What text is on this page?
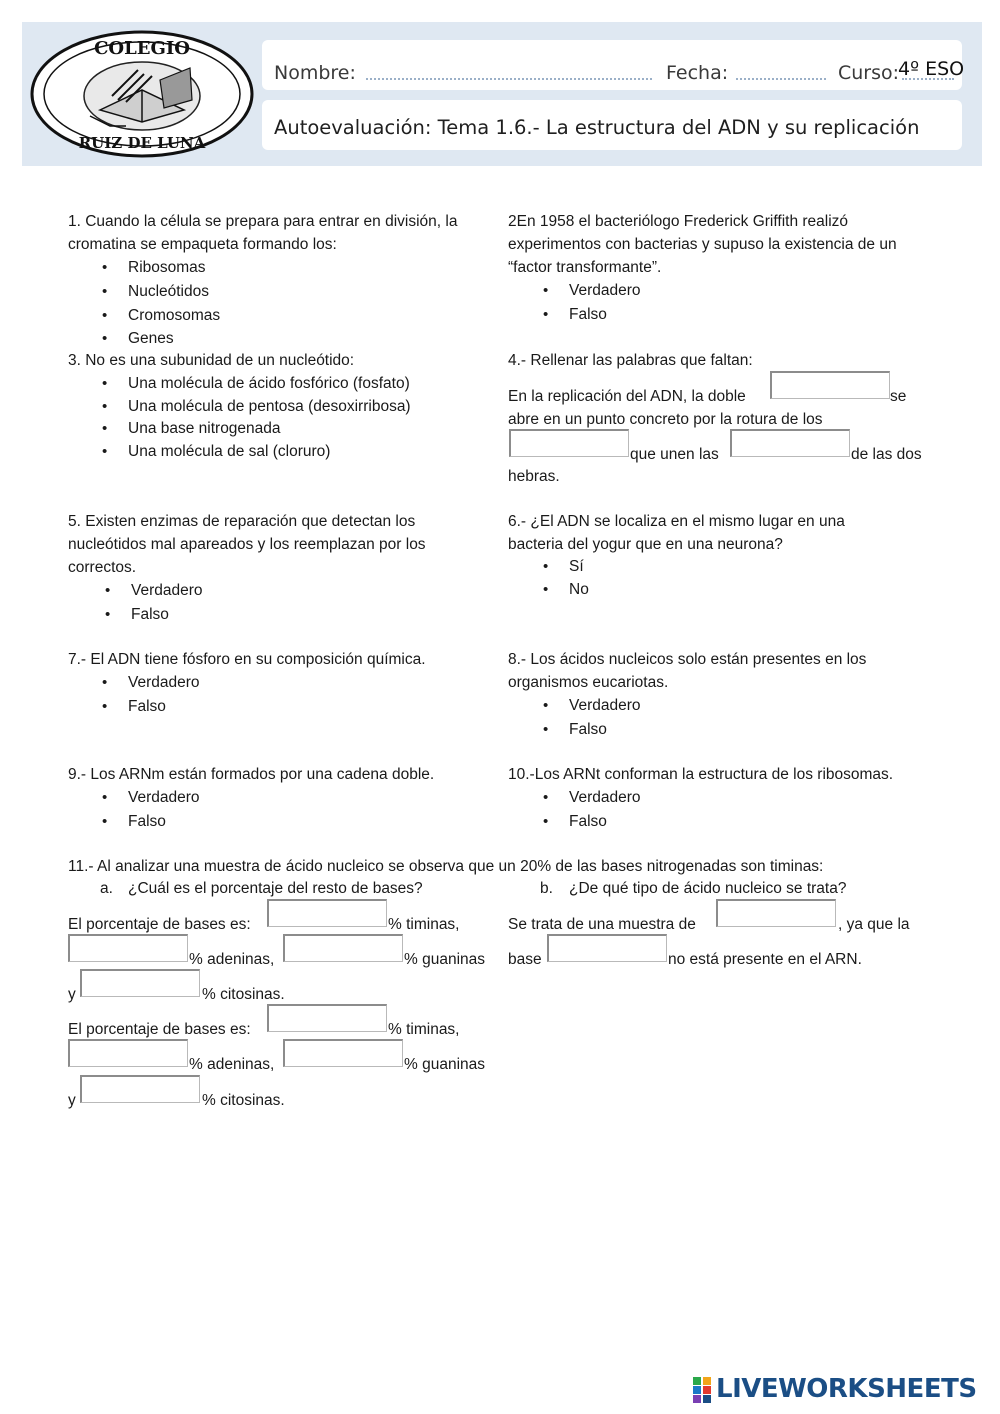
COLEGIO
RUIZ DE LUNA
Nombre:	Fecha:	Curso:
4º ESO
Autoevaluación: Tema 1.6.- La estructura del ADN y su replicación
1. Cuando la célula se prepara para entrar en división, la
cromatina se empaqueta formando los:
• Ribosomas
• Nucleótidos
• Cromosomas
• Genes
2En 1958 el bacteriólogo Frederick Griffith realizó
experimentos con bacterias y supuso la existencia de un
“factor transformante”.
• Verdadero
• Falso
3. No es una subunidad de un nucleótido:
• Una molécula de ácido fosfórico (fosfato)
• Una molécula de pentosa (desoxirribosa)
• Una base nitrogenada
• Una molécula de sal (cloruro)
4.- Rellenar las palabras que faltan:
En la replicación del ADN, la doble	se
abre en un punto concreto por la rotura de los
que unen las	de las dos
hebras.
5. Existen enzimas de reparación que detectan los
nucleótidos mal apareados y los reemplazan por los
correctos.
• Verdadero
• Falso
6.- ¿El ADN se localiza en el mismo lugar en una
bacteria del yogur que en una neurona?
• Sí
• No
7.- El ADN tiene fósforo en su composición química.
• Verdadero
• Falso
8.- Los ácidos nucleicos solo están presentes en los
organismos eucariotas.
• Verdadero
• Falso
9.- Los ARNm están formados por una cadena doble.
• Verdadero
• Falso
10.-Los ARNt conforman la estructura de los ribosomas.
• Verdadero
• Falso
11.- Al analizar una muestra de ácido nucleico se observa que un 20% de las bases nitrogenadas son timinas:
a. ¿Cuál es el porcentaje del resto de bases?	b. ¿De qué tipo de ácido nucleico se trata?
El porcentaje de bases es:	% timinas,
% adeninas,	% guaninas
y	% citosinas.
El porcentaje de bases es:	% timinas,
% adeninas,	% guaninas
y	% citosinas.
Se trata de una muestra de	, ya que la
base	no está presente en el ARN.
LIVEWORKSHEETS
